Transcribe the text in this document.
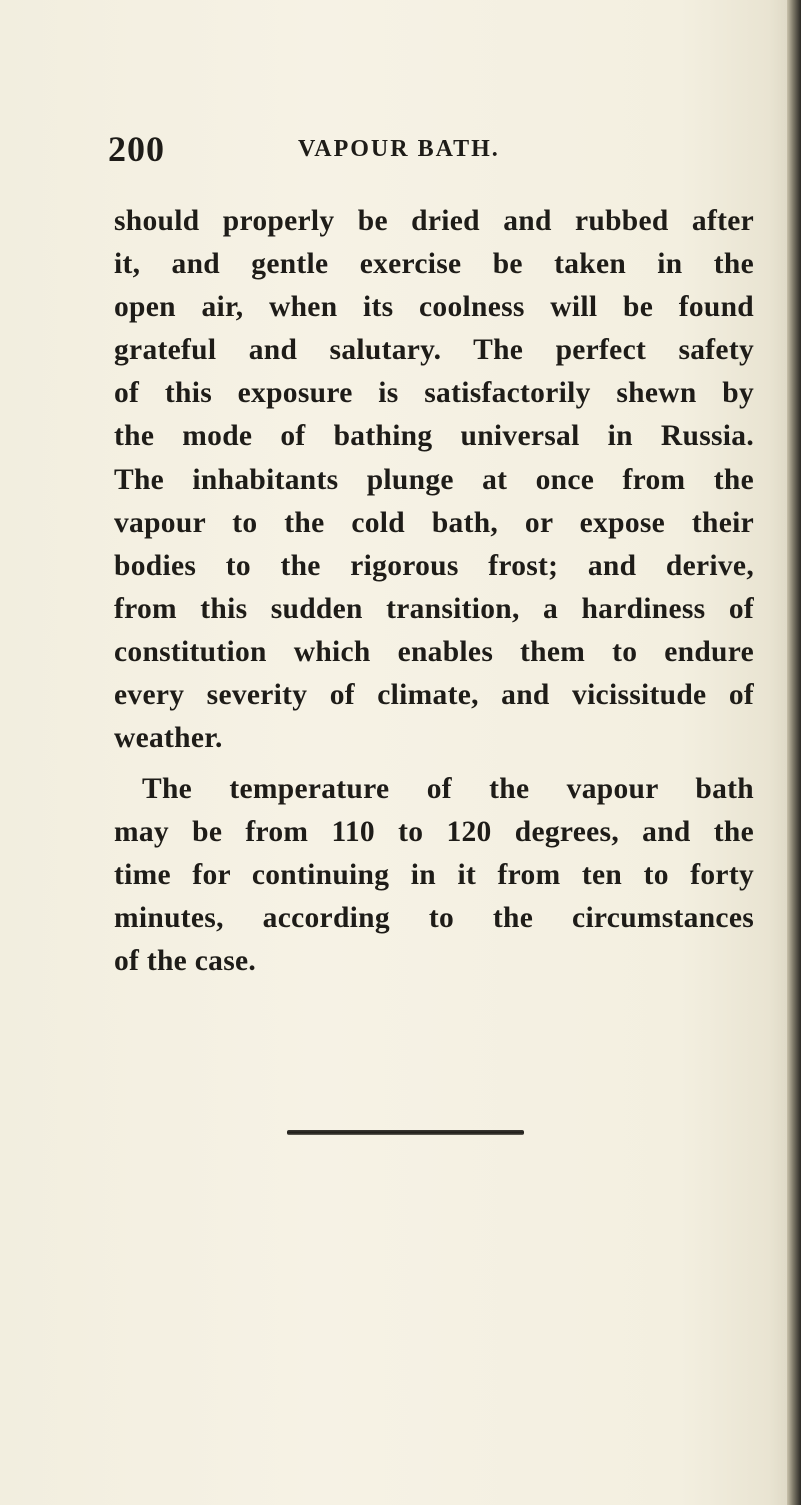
200	VAPOUR BATH.
should properly be dried and rubbed after
it, and gentle exercise be taken in the
open air, when its coolness will be found
grateful and salutary. The perfect safety
of this exposure is satisfactorily shewn by
the mode of bathing universal in Russia.
The inhabitants plunge at once from the
vapour to the cold bath, or expose their
bodies to the rigorous frost; and derive,
from this sudden transition, a hardiness of
constitution which enables them to endure
every severity of climate, and vicissitude of
weather.
The temperature of the vapour bath
may be from 110 to 120 degrees, and the
time for continuing in it from ten to forty
minutes, according to the circumstances
of the case.
